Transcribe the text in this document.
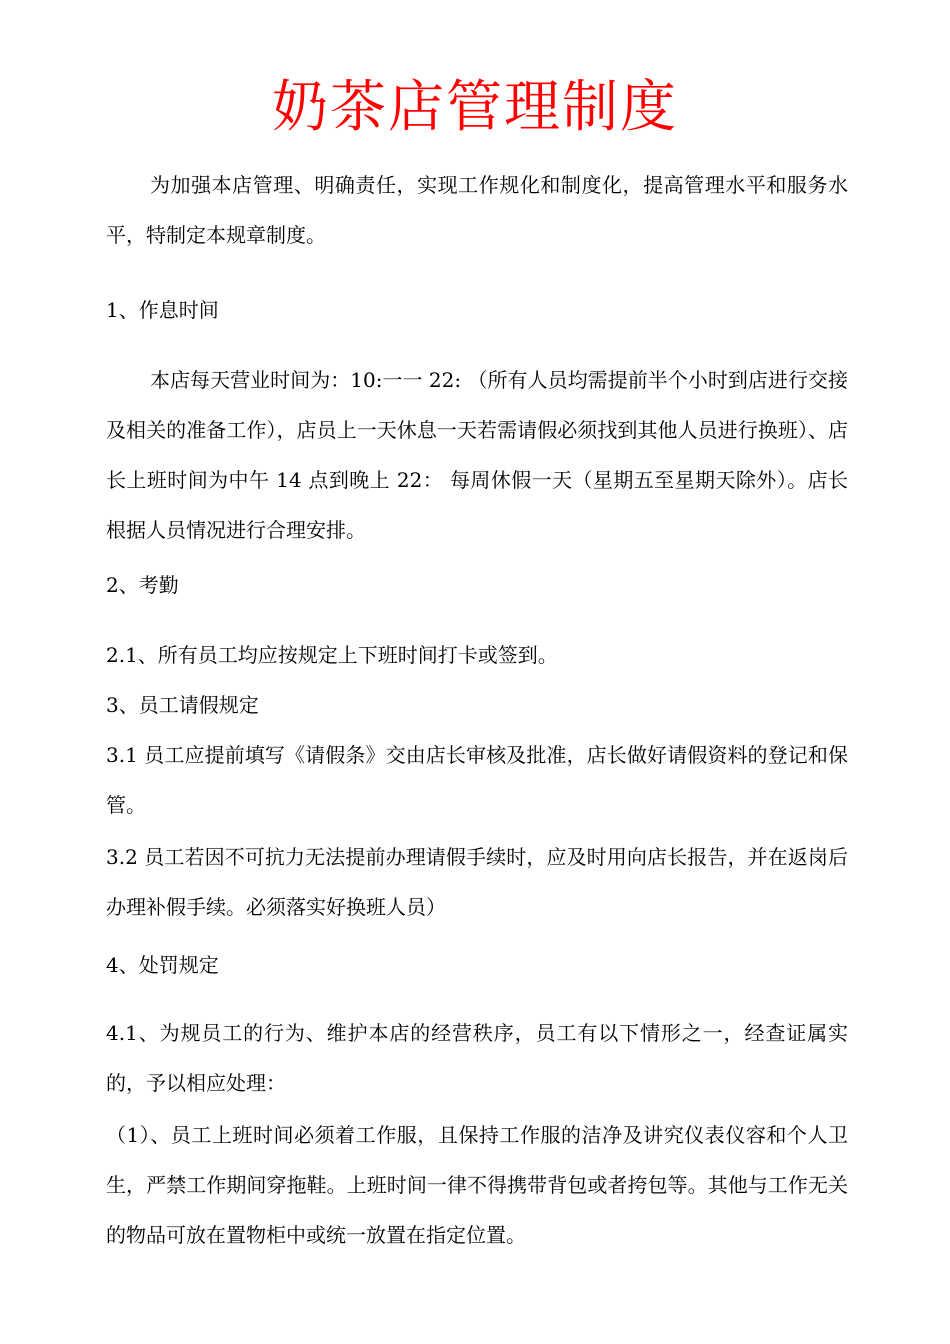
奶茶店管理制度

为加强本店管理、明确责任，实现工作规化和制度化，提高管理水平和服务水平，特制定本规章制度。

1、作息时间

本店每天营业时间为：10:一一 22: （所有人员均需提前半个小时到店进行交接及相关的准备工作），店员上一天休息一天若需请假必须找到其他人员进行换班）、店长上班时间为中午 14 点到晚上 22： 每周休假一天（星期五至星期天除外）。店长根据人员情况进行合理安排。

2、考勤

2.1、所有员工均应按规定上下班时间打卡或签到。

3、员工请假规定

3.1 员工应提前填写《请假条》交由店长审核及批准，店长做好请假资料的登记和保管。

3.2 员工若因不可抗力无法提前办理请假手续时，应及时用向店长报告，并在返岗后办理补假手续。必须落实好换班人员）

4、处罚规定

4.1、为规员工的行为、维护本店的经营秩序，员工有以下情形之一，经查证属实的，予以相应处理：

（1）、员工上班时间必须着工作服，且保持工作服的洁净及讲究仪表仪容和个人卫生，严禁工作期间穿拖鞋。上班时间一律不得携带背包或者挎包等。其他与工作无关的物品可放在置物柜中或统一放置在指定位置。
